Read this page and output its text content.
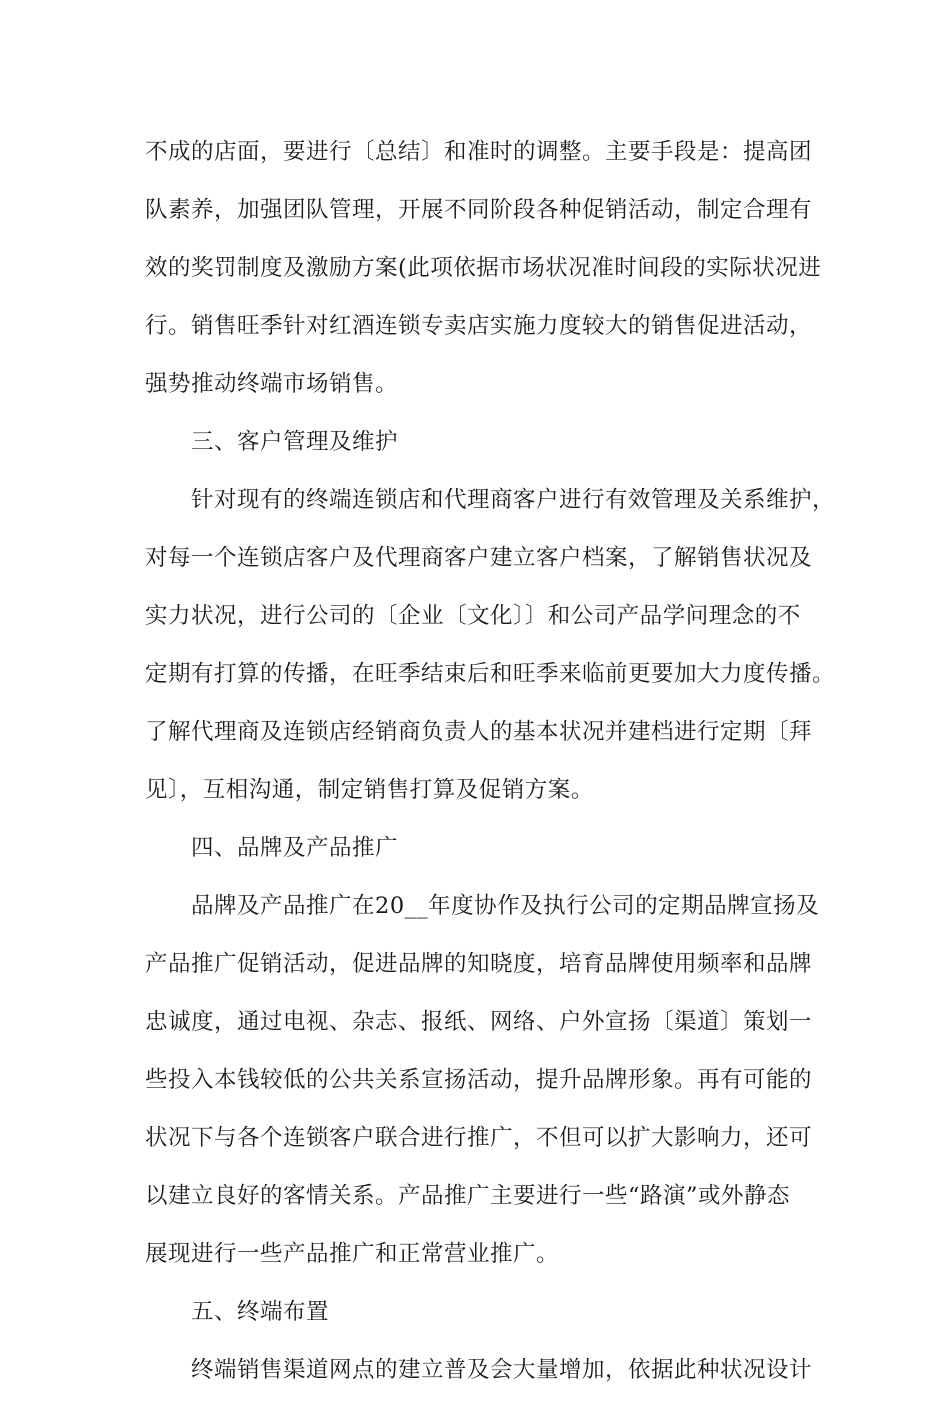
不成的店面，要进行〔总结〕和准时的调整。主要手段是：提高团
队素养，加强团队管理，开展不同阶段各种促销活动，制定合理有
效的奖罚制度及激励方案(此项依据市场状况准时间段的实际状况进
行。销售旺季针对红酒连锁专卖店实施力度较大的销售促进活动，
强势推动终端市场销售。
三、客户管理及维护
针对现有的终端连锁店和代理商客户进行有效管理及关系维护，
对每一个连锁店客户及代理商客户建立客户档案，了解销售状况及
实力状况，进行公司的〔企业〔文化〕〕和公司产品学问理念的不
定期有打算的传播，在旺季结束后和旺季来临前更要加大力度传播。
了解代理商及连锁店经销商负责人的基本状况并建档进行定期〔拜
见〕，互相沟通，制定销售打算及促销方案。
四、品牌及产品推广
品牌及产品推广在20__年度协作及执行公司的定期品牌宣扬及
产品推广促销活动，促进品牌的知晓度，培育品牌使用频率和品牌
忠诚度，通过电视、杂志、报纸、网络、户外宣扬〔渠道〕策划一
些投入本钱较低的公共关系宣扬活动，提升品牌形象。再有可能的
状况下与各个连锁客户联合进行推广，不但可以扩大影响力，还可
以建立良好的客情关系。产品推广主要进行一些“路演”或外静态
展现进行一些产品推广和正常营业推广。
五、终端布置
终端销售渠道网点的建立普及会大量增加，依据此种状况设计
